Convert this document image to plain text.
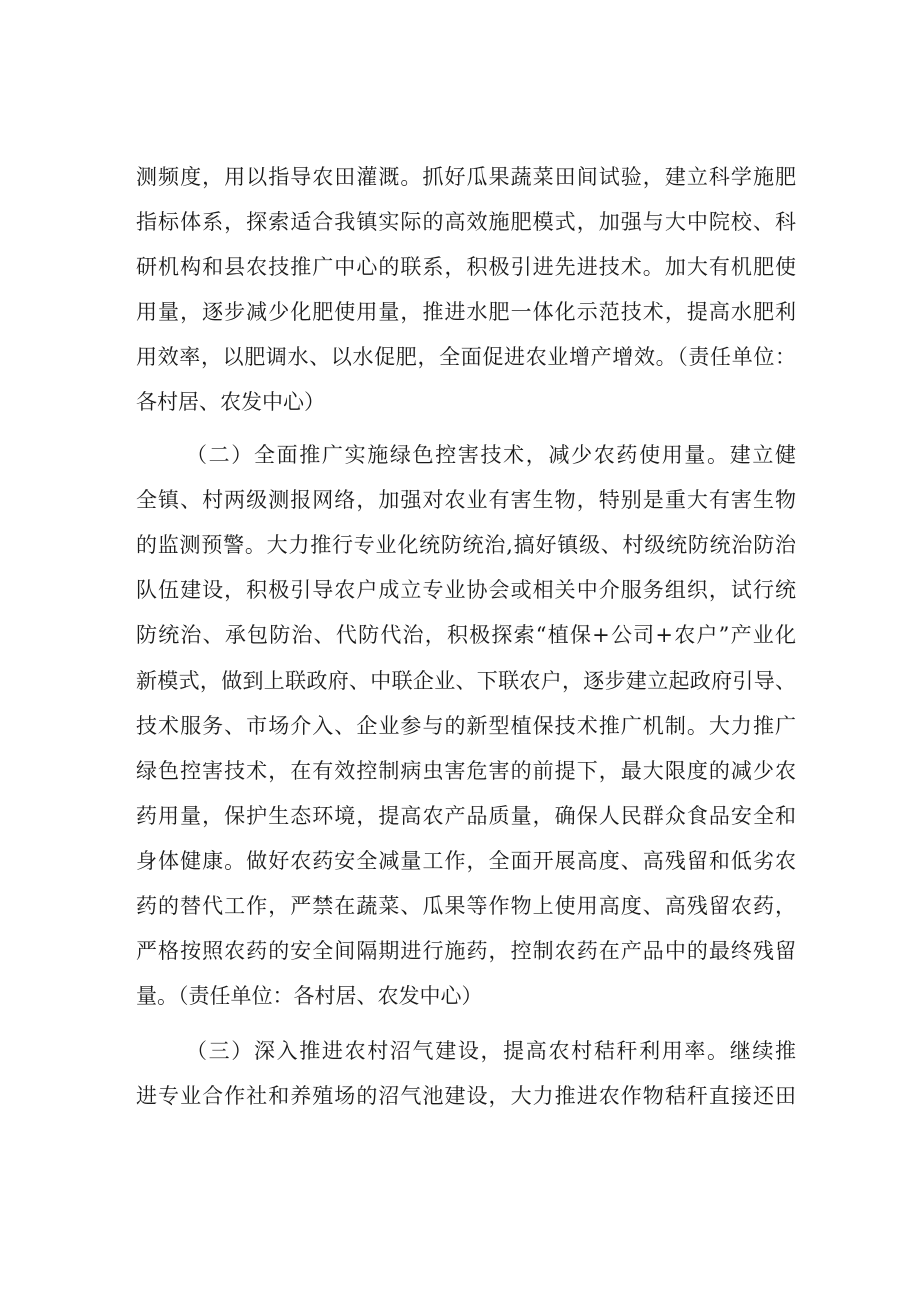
测频度，用以指导农田灌溉。抓好瓜果蔬菜田间试验，建立科学施肥
指标体系，探索适合我镇实际的高效施肥模式，加强与大中院校、科
研机构和县农技推广中心的联系，积极引进先进技术。加大有机肥使
用量，逐步减少化肥使用量，推进水肥一体化示范技术，提高水肥利
用效率，以肥调水、以水促肥，全面促进农业增产增效。（责任单位：
各村居、农发中心）
（二）全面推广实施绿色控害技术，减少农药使用量。建立健
全镇、村两级测报网络，加强对农业有害生物，特别是重大有害生物
的监测预警。大力推行专业化统防统治,搞好镇级、村级统防统治防治
队伍建设，积极引导农户成立专业协会或相关中介服务组织，试行统
防统治、承包防治、代防代治，积极探索“植保+公司+农户”产业化
新模式，做到上联政府、中联企业、下联农户，逐步建立起政府引导、
技术服务、市场介入、企业参与的新型植保技术推广机制。大力推广
绿色控害技术，在有效控制病虫害危害的前提下，最大限度的减少农
药用量，保护生态环境，提高农产品质量，确保人民群众食品安全和
身体健康。做好农药安全减量工作，全面开展高度、高残留和低劣农
药的替代工作，严禁在蔬菜、瓜果等作物上使用高度、高残留农药，
严格按照农药的安全间隔期进行施药，控制农药在产品中的最终残留
量。（责任单位：各村居、农发中心）
（三）深入推进农村沼气建设，提高农村秸秆利用率。继续推
进专业合作社和养殖场的沼气池建设，大力推进农作物秸秆直接还田
